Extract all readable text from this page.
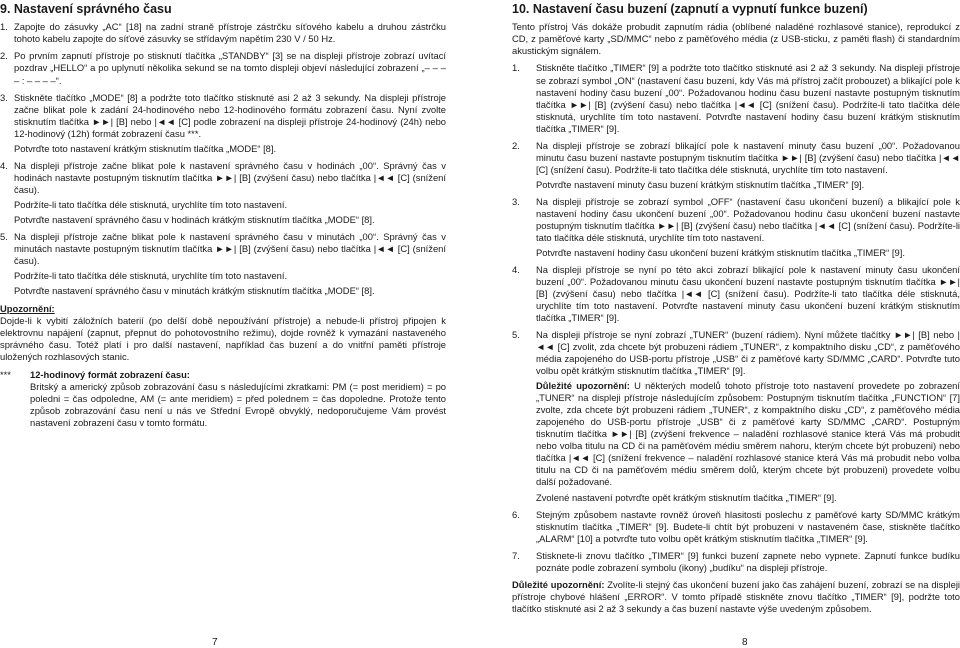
9. Nastavení správného času
1. Zapojte do zásuvky „AC“ [18] na zadní straně přístroje zástrčku síťového kabelu a druhou zástrčku tohoto kabelu zapojte do síťové zásuvky se střídavým napětím 230 V / 50 Hz.

2. Po prvním zapnutí přístroje po stisknutí tlačítka „STANDBY“ [3] se na displeji přístroje zobrazí uvítací pozdrav „HELLO“ a po uplynutí několika sekund se na tomto displeji objeví následující zobrazení „– – – – : – – – –“.

3. Stiskněte tlačítko „MODE“ [8] a podržte toto tlačítko stisknuté asi 2 až 3 sekundy. Na displeji přístroje začne blikat pole k zadání 24-hodinového nebo 12-hodinového formátu zobrazení času. Nyní zvolte stisknutím tlačítka ►►| [B] nebo |◄◄ [C] podle zobrazení na displeji přístroje 24-hodinový (24h) nebo 12-hodinový (12h) formát zobrazení času ***.

Potvrďte toto nastavení krátkým stisknutím tlačítka „MODE“ [8].

4. Na displeji přístroje začne blikat pole k nastavení správného času v hodinách „00“. Správný čas v hodinách nastavte postupným tisknutím tlačítka ►►| [B] (zvýšení času) nebo tlačítka |◄◄ [C] (snížení času).

Podržíte-li tato tlačítka déle stisknutá, urychlíte tím toto nastavení.

Potvrďte nastavení správného času v hodinách krátkým stisknutím tlačítka „MODE“ [8].

5. Na displeji přístroje začne blikat pole k nastavení správného času v minutách „00“. Správný čas v minutách nastavte postupným tisknutím tlačítka ►►| [B] (zvýšení času) nebo tlačítka |◄◄ [C] (snížení času).

Podržíte-li tato tlačítka déle stisknutá, urychlíte tím toto nastavení.

Potvrďte nastavení správného času v minutách krátkým stisknutím tlačítka „MODE“ [8].

Upozornění:

Dojde-li k vybití záložních baterií (po delší době nepoužívání přístroje) a nebude-li přístroj připojen k elektrovnu napájení (zapnut, přepnut do pohotovostního režimu), dojde rovněž k vymazání nastaveného správného času. Totéž platí i pro další nastavení, například čas buzení a do vnitřní paměti přístroje uložených rozhlasových stanic.

***	12-hodinový formát zobrazení času:

Britský a americký způsob zobrazování času s následujícími zkratkami: PM (= post meridiem) = po poledni = čas odpoledne, AM (= ante meridiem) = před polednem = čas dopoledne. Protože tento způsob zobrazování času není u nás ve Střední Evropě obvyklý, nedoporučujeme Vám provést nastavení zobrazení času v tomto formátu.

7
10. Nastavení času buzení (zapnutí a vypnutí funkce buzení)

Tento přístroj Vás dokáže probudit zapnutím rádia (oblíbené naladěné rozhlasové stanice), reprodukcí z CD, z paměťové karty „SD/MMC“ nebo z paměťového média (z USB-sticku, z paměti flash) či standardním akustickým signálem.

1.	Stiskněte tlačítko „TIMER“ [9] a podržte toto tlačítko stisknuté asi 2 až 3 sekundy. Na displeji přístroje se zobrazí symbol „ON“ (nastavení času buzení, kdy Vás má přístroj začít probouzet) a blikající pole k nastavení hodiny času buzení „00“. Požadovanou hodinu času buzení nastavte postupným tisknutím tlačítka ►►| [B] (zvýšení času) nebo tlačítka |◄◄ [C] (snížení času). Podržíte-li tato tlačítka déle stisknutá, urychlíte tím toto nastavení. Potvrďte nastavení hodiny času buzení krátkým stisknutím tlačítka „TIMER“ [9].

2.	Na displeji přístroje se zobrazí blikající pole k nastavení minuty času buzení „00“. Požadovanou minutu času buzení nastavte postupným tisknutím tlačítka ►►| [B] (zvýšení času) nebo tlačítka |◄◄ [C] (snížení času). Podržíte-li tato tlačítka déle stisknutá, urychlíte tím toto nastavení.

Potvrďte nastavení minuty času buzení krátkým stisknutím tlačítka „TIMER“ [9].

3.	Na displeji přístroje se zobrazí symbol „OFF“ (nastavení času ukončení buzení) a blikající pole k nastavení hodiny času ukončení buzení „00“. Požadovanou hodinu času ukončení buzení nastavte postupným tisknutím tlačítka ►►| [B] (zvýšení času) nebo tlačítka |◄◄ [C] (snížení času). Podržíte-li tato tlačítka déle stisknutá, urychlíte tím toto nastavení.

Potvrďte nastavení hodiny času ukončení buzení krátkým stisknutím tlačítka „TIMER“ [9].

4.	Na displeji přístroje se nyní po této akci zobrazí blikající pole k nastavení minuty času ukončení buzení „00“. Požadovanou minutu času ukončení buzení nastavte postupným tisknutím tlačítka ►►| [B] (zvýšení času) nebo tlačítka |◄◄ [C] (snížení času). Podržíte-li tato tlačítka déle stisknutá, urychlíte tím toto nastavení. Potvrďte nastavení minuty času ukončení buzení krátkým stisknutím tlačítka „TIMER“ [9].

5.	Na displeji přístroje se nyní zobrazí „TUNER“ (buzení rádiem). Nyní můžete tlačítky ►►| [B] nebo |◄◄ [C] zvolit, zda chcete být probuzeni rádiem „TUNER“, z kompaktního disku „CD“, z paměťového média zapojeného do USB-portu přístroje „USB“ či z paměťové karty SD/MMC „CARD“. Potvrďte tuto volbu opět krátkým stisknutím tlačítka „TIMER“ [9].

Důležité upozornění: U některých modelů tohoto přístroje toto nastavení provedete po zobrazení „TUNER“ na displeji přístroje následujícím způsobem: Postupným tisknutím tlačítka „FUNCTION“ [7] zvolte, zda chcete být probuzeni rádiem „TUNER“, z kompaktního disku „CD“, z paměťového média zapojeného do USB-portu přístroje „USB“ či z paměťové karty SD/MMC „CARD“. Postupným tisknutím tlačítka ►►| [B] (zvýšení frekvence – naladění rozhlasové stanice která Vás má probudit nebo volba titulu na CD či na paměťovém médiu směrem nahoru, kterým chcete být probuzeni) nebo tlačítka |◄◄ [C] (snížení frekvence – naladění rozhlasové stanice která Vás má probudit nebo volba titulu na CD či na paměťovém médiu směrem dolů, kterým chcete být probuzeni) provedete volbu další požadované.

Zvolené nastavení potvrďte opět krátkým stisknutím tlačítka „TIMER“ [9].

6.	Stejným způsobem nastavte rovněž úroveň hlasitosti poslechu z paměťové karty SD/MMC krátkým stisknutím tlačítka „TIMER“ [9]. Budete-li chtít být probuzeni v nastaveném čase, stiskněte tlačítko „ALARM“ [10] a potvrďte tuto volbu opět krátkým stisknutím tlačítka „TIMER“ [9].

7.	Stisknete-li znovu tlačítko „TIMER“ [9] funkci buzení zapnete nebo vypnete. Zapnutí funkce budíku poznáte podle zobrazení symbolu (ikony) „budíku“ na displeji přístroje.

Důležité upozornění: Zvolíte-li stejný čas ukončení buzení jako čas zahájení buzení, zobrazí se na displeji přístroje chybové hlášení „ERROR“. V tomto případě stiskněte znovu tlačítko „TIMER“ [9], podržte toto tlačítko stisknuté asi 2 až 3 sekundy a čas buzení nastavte výše uvedeným způsobem.

8
